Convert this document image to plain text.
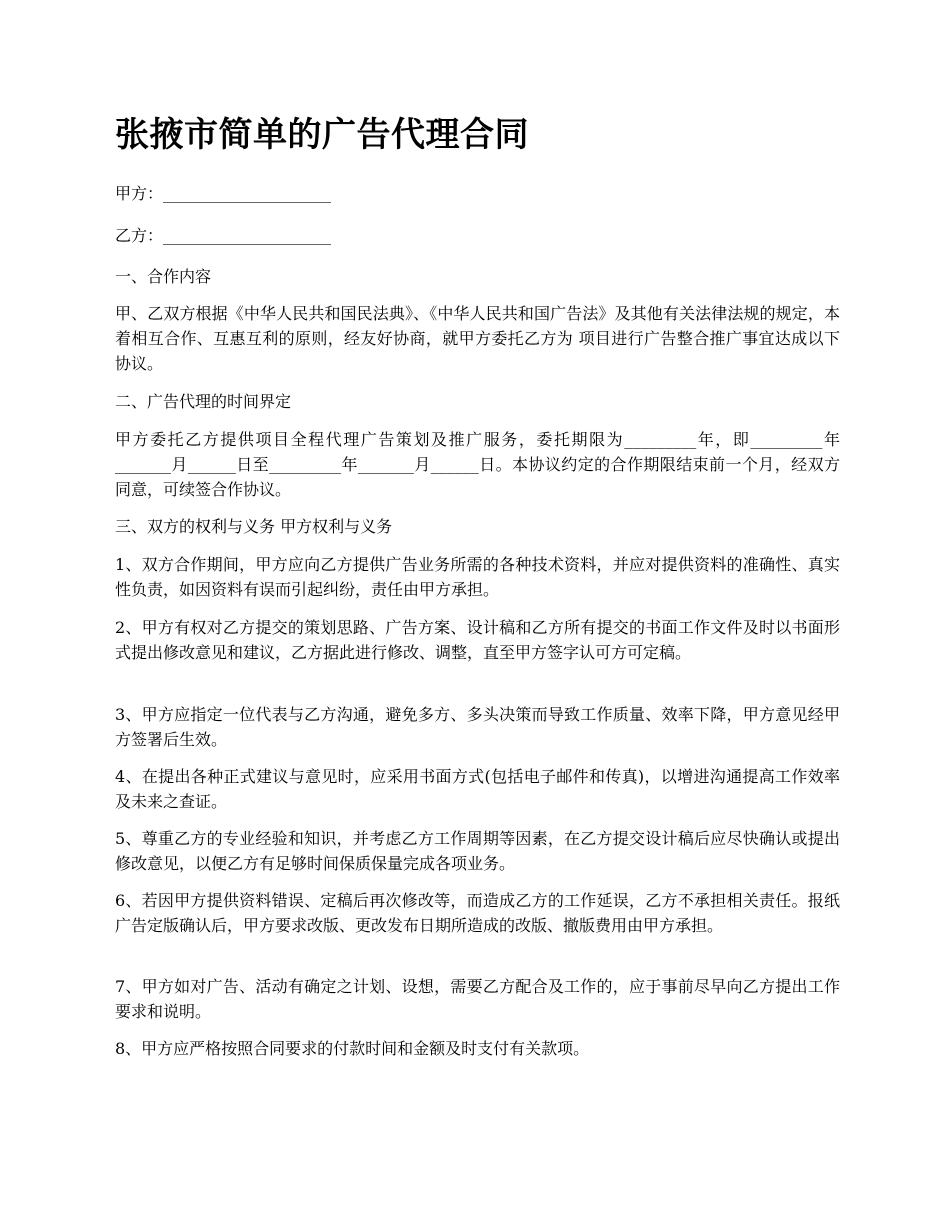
张掖市简单的广告代理合同

甲方：_____________________

乙方：_____________________

一、合作内容

甲、乙双方根据《中华人民共和国民法典》、《中华人民共和国广告法》及其他有关法律法规的规定，本着相互合作、互惠互利的原则，经友好协商，就甲方委托乙方为 项目进行广告整合推广事宜达成以下协议。

二、广告代理的时间界定

甲方委托乙方提供项目全程代理广告策划及推广服务，委托期限为_________年，即_________年_______月______日至_________年_______月______日。本协议约定的合作期限结束前一个月，经双方同意，可续签合作协议。

三、双方的权利与义务 甲方权利与义务

1、双方合作期间，甲方应向乙方提供广告业务所需的各种技术资料，并应对提供资料的准确性、真实性负责，如因资料有误而引起纠纷，责任由甲方承担。

2、甲方有权对乙方提交的策划思路、广告方案、设计稿和乙方所有提交的书面工作文件及时以书面形式提出修改意见和建议，乙方据此进行修改、调整，直至甲方签字认可方可定稿。

3、甲方应指定一位代表与乙方沟通，避免多方、多头决策而导致工作质量、效率下降，甲方意见经甲方签署后生效。

4、在提出各种正式建议与意见时，应采用书面方式(包括电子邮件和传真)，以增进沟通提高工作效率及未来之查证。

5、尊重乙方的专业经验和知识，并考虑乙方工作周期等因素，在乙方提交设计稿后应尽快确认或提出修改意见，以便乙方有足够时间保质保量完成各项业务。

6、若因甲方提供资料错误、定稿后再次修改等，而造成乙方的工作延误，乙方不承担相关责任。报纸广告定版确认后，甲方要求改版、更改发布日期所造成的改版、撤版费用由甲方承担。

7、甲方如对广告、活动有确定之计划、设想，需要乙方配合及工作的，应于事前尽早向乙方提出工作要求和说明。

8、甲方应严格按照合同要求的付款时间和金额及时支付有关款项。
